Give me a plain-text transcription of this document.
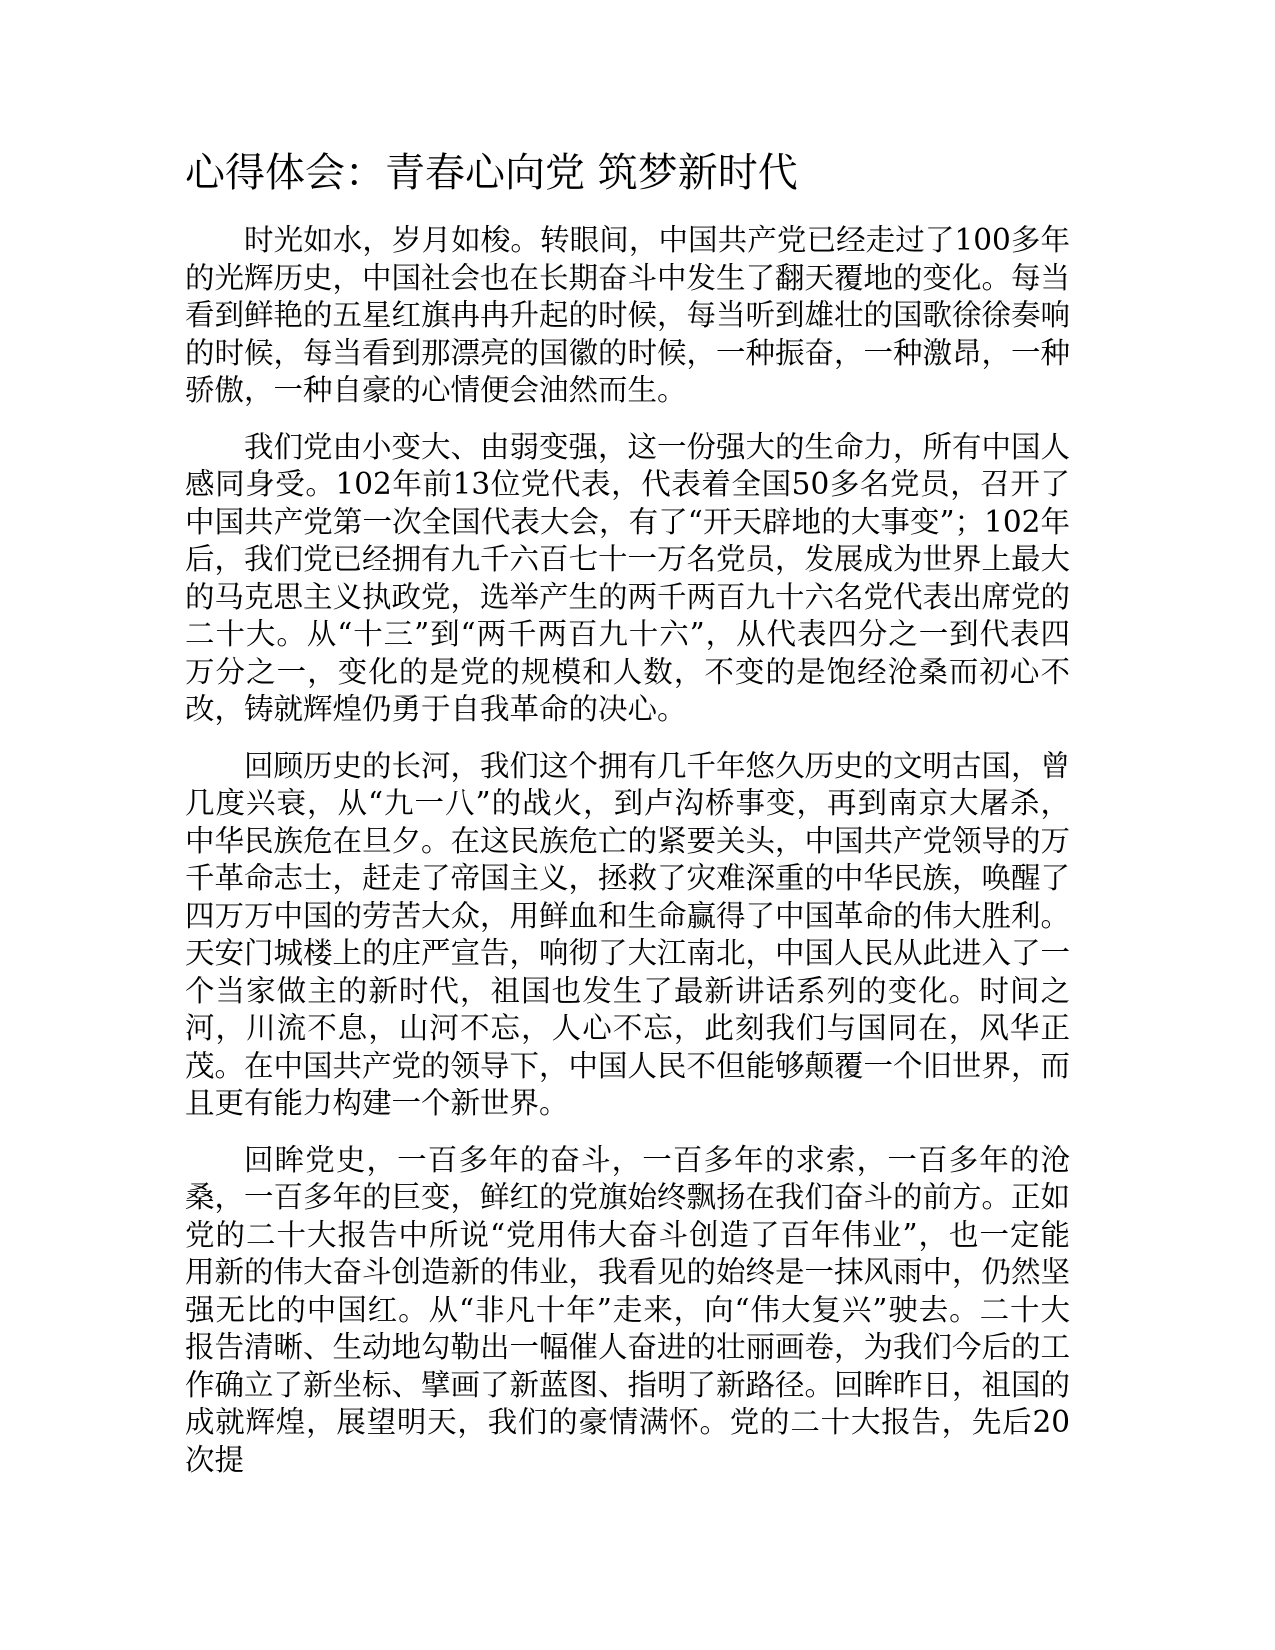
心得体会：青春心向党 筑梦新时代

时光如水，岁月如梭。转眼间，中国共产党已经走过了100多年的光辉历史，中国社会也在长期奋斗中发生了翻天覆地的变化。每当看到鲜艳的五星红旗冉冉升起的时候，每当听到雄壮的国歌徐徐奏响的时候，每当看到那漂亮的国徽的时候，一种振奋，一种激昂，一种骄傲，一种自豪的心情便会油然而生。

我们党由小变大、由弱变强，这一份强大的生命力，所有中国人感同身受。102年前13位党代表，代表着全国50多名党员，召开了中国共产党第一次全国代表大会，有了“开天辟地的大事变”；102年后，我们党已经拥有九千六百七十一万名党员，发展成为世界上最大的马克思主义执政党，选举产生的两千两百九十六名党代表出席党的二十大。从“十三”到“两千两百九十六”，从代表四分之一到代表四万分之一，变化的是党的规模和人数，不变的是饱经沧桑而初心不改，铸就辉煌仍勇于自我革命的决心。

回顾历史的长河，我们这个拥有几千年悠久历史的文明古国，曾几度兴衰，从“九一八”的战火，到卢沟桥事变，再到南京大屠杀，中华民族危在旦夕。在这民族危亡的紧要关头，中国共产党领导的万千革命志士，赶走了帝国主义，拯救了灾难深重的中华民族，唤醒了四万万中国的劳苦大众，用鲜血和生命赢得了中国革命的伟大胜利。天安门城楼上的庄严宣告，响彻了大江南北，中国人民从此进入了一个当家做主的新时代，祖国也发生了最新讲话系列的变化。时间之河，川流不息，山河不忘，人心不忘，此刻我们与国同在，风华正茂。在中国共产党的领导下，中国人民不但能够颠覆一个旧世界，而且更有能力构建一个新世界。

回眸党史，一百多年的奋斗，一百多年的求索，一百多年的沧桑，一百多年的巨变，鲜红的党旗始终飘扬在我们奋斗的前方。正如党的二十大报告中所说“党用伟大奋斗创造了百年伟业”，也一定能用新的伟大奋斗创造新的伟业，我看见的始终是一抹风雨中，仍然坚强无比的中国红。从“非凡十年”走来，向“伟大复兴”驶去。二十大报告清晰、生动地勾勒出一幅催人奋进的壮丽画卷，为我们今后的工作确立了新坐标、擘画了新蓝图、指明了新路径。回眸昨日，祖国的成就辉煌，展望明天，我们的豪情满怀。党的二十大报告，先后20次提
